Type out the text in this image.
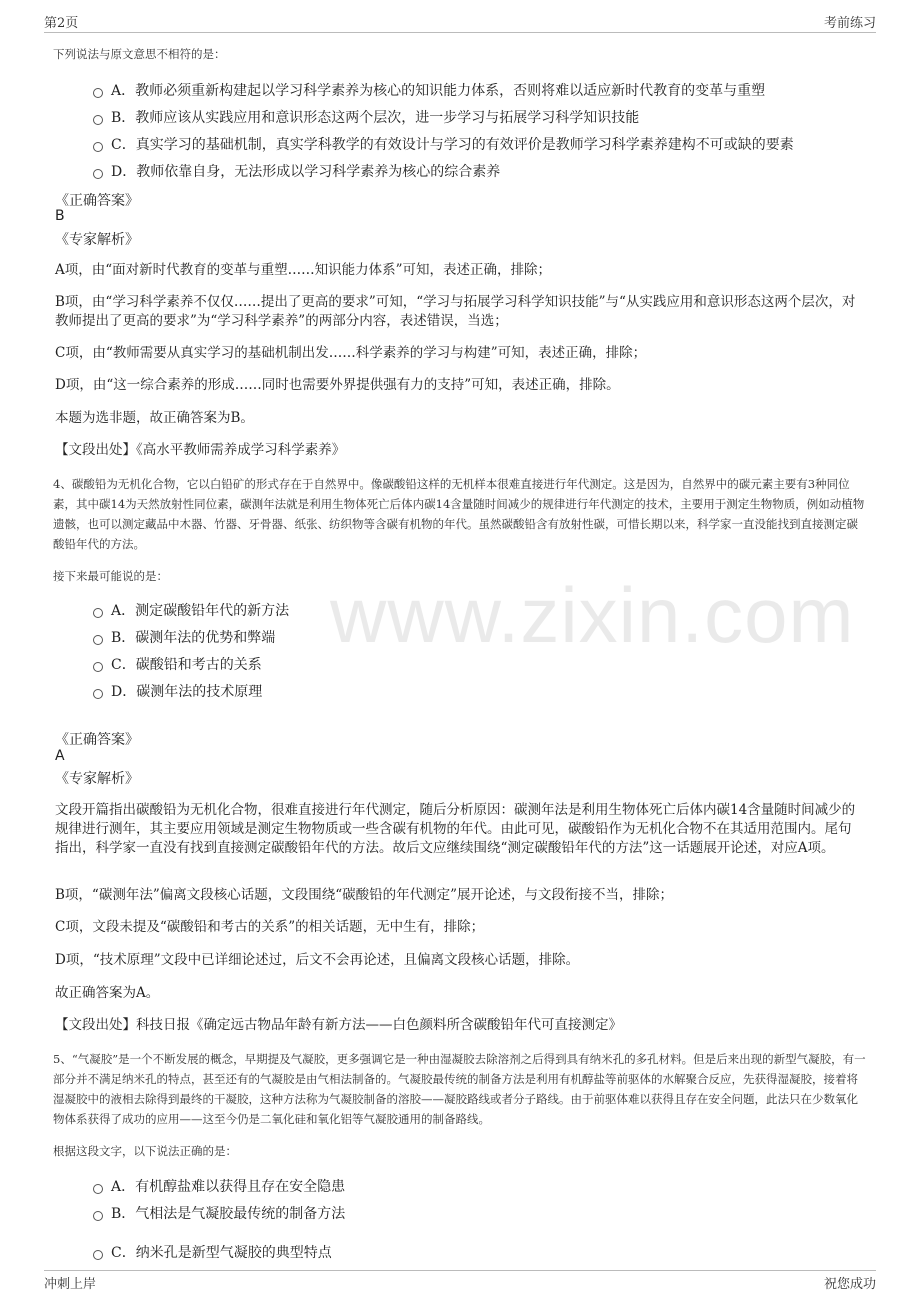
第2页	考前练习
www.zixin.com
下列说法与原文意思不相符的是：
A．教师必须重新构建起以学习科学素养为核心的知识能力体系，否则将难以适应新时代教育的变革与重塑
B．教师应该从实践应用和意识形态这两个层次，进一步学习与拓展学习科学知识技能
C．真实学习的基础机制，真实学科教学的有效设计与学习的有效评价是教师学习科学素养建构不可或缺的要素
D．教师依靠自身，无法形成以学习科学素养为核心的综合素养
《正确答案》
B
《专家解析》
A项，由“面对新时代教育的变革与重塑……知识能力体系”可知，表述正确，排除；
B项，由“学习科学素养不仅仅……提出了更高的要求”可知，“学习与拓展学习科学知识技能”与“从实践应用和意识形态这两个层次，对教师提出了更高的要求”为“学习科学素养”的两部分内容，表述错误，当选；
C项，由“教师需要从真实学习的基础机制出发……科学素养的学习与构建”可知，表述正确，排除；
D项，由“这一综合素养的形成……同时也需要外界提供强有力的支持”可知，表述正确，排除。
本题为选非题，故正确答案为B。
【文段出处】《高水平教师需养成学习科学素养》
4、碳酸铅为无机化合物，它以白铅矿的形式存在于自然界中。像碳酸铅这样的无机样本很难直接进行年代测定。这是因为，自然界中的碳元素主要有3种同位素，其中碳14为天然放射性同位素，碳测年法就是利用生物体死亡后体内碳14含量随时间减少的规律进行年代测定的技术，主要用于测定生物物质，例如动植物遗骸，也可以测定藏品中木器、竹器、牙骨器、纸张、纺织物等含碳有机物的年代。虽然碳酸铅含有放射性碳，可惜长期以来，科学家一直没能找到直接测定碳酸铅年代的方法。
接下来最可能说的是：
A．测定碳酸铅年代的新方法
B．碳测年法的优势和弊端
C．碳酸铅和考古的关系
D．碳测年法的技术原理
《正确答案》
A
《专家解析》
文段开篇指出碳酸铅为无机化合物，很难直接进行年代测定，随后分析原因：碳测年法是利用生物体死亡后体内碳14含量随时间减少的规律进行测年，其主要应用领域是测定生物物质或一些含碳有机物的年代。由此可见，碳酸铅作为无机化合物不在其适用范围内。尾句指出，科学家一直没有找到直接测定碳酸铅年代的方法。故后文应继续围绕“测定碳酸铅年代的方法”这一话题展开论述，对应A项。
B项，“碳测年法”偏离文段核心话题，文段围绕“碳酸铅的年代测定”展开论述，与文段衔接不当，排除；
C项，文段未提及“碳酸铅和考古的关系”的相关话题，无中生有，排除；
D项，“技术原理”文段中已详细论述过，后文不会再论述，且偏离文段核心话题，排除。
故正确答案为A。
【文段出处】科技日报《确定远古物品年龄有新方法——白色颜料所含碳酸铅年代可直接测定》
5、“气凝胶”是一个不断发展的概念，早期提及气凝胶，更多强调它是一种由湿凝胶去除溶剂之后得到具有纳米孔的多孔材料。但是后来出现的新型气凝胶，有一部分并不满足纳米孔的特点，甚至还有的气凝胶是由气相法制备的。气凝胶最传统的制备方法是利用有机醇盐等前驱体的水解聚合反应，先获得湿凝胶，接着将湿凝胶中的液相去除得到最终的干凝胶，这种方法称为气凝胶制备的溶胶——凝胶路线或者分子路线。由于前驱体难以获得且存在安全问题，此法只在少数氧化物体系获得了成功的应用——这至今仍是二氧化硅和氧化铝等气凝胶通用的制备路线。
根据这段文字，以下说法正确的是：
A．有机醇盐难以获得且存在安全隐患
B．气相法是气凝胶最传统的制备方法
C．纳米孔是新型气凝胶的典型特点
冲刺上岸	祝您成功
